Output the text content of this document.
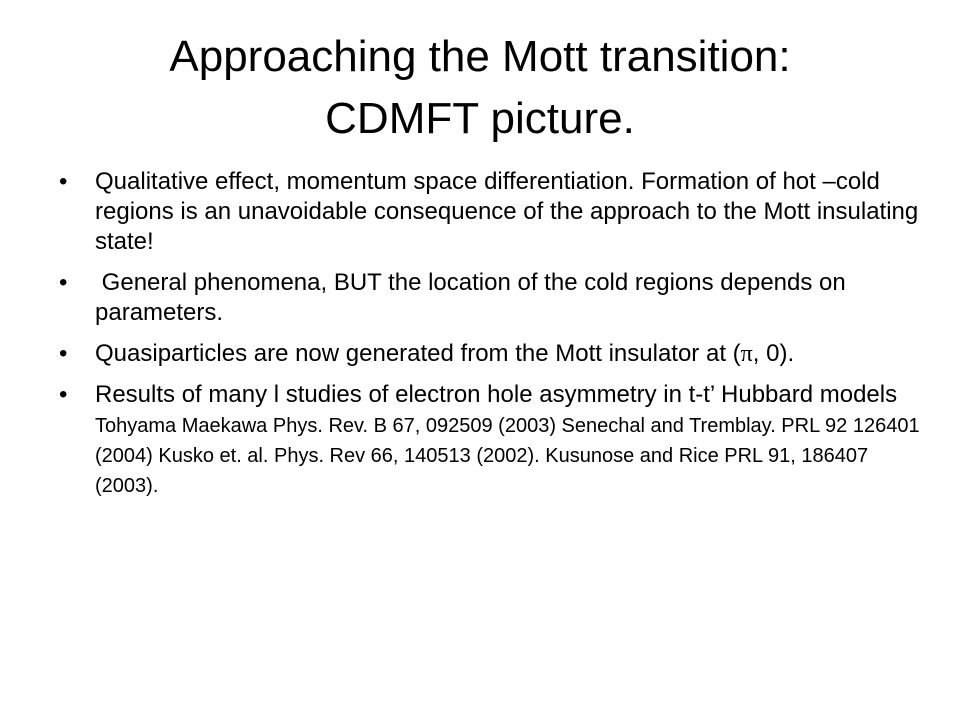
Approaching the Mott transition:
CDMFT picture.
• Qualitative effect, momentum space differentiation. Formation of hot –cold regions is an unavoidable consequence of the approach to the Mott insulating state!
• General phenomena, BUT the location of the cold regions depends on parameters.
• Quasiparticles are now generated from the Mott insulator at (π, 0).
• Results of many l studies of electron hole asymmetry in t-t’ Hubbard models Tohyama Maekawa Phys. Rev. B 67, 092509 (2003) Senechal and Tremblay. PRL 92 126401 (2004) Kusko et. al. Phys. Rev 66, 140513 (2002). Kusunose and Rice PRL 91, 186407 (2003).
